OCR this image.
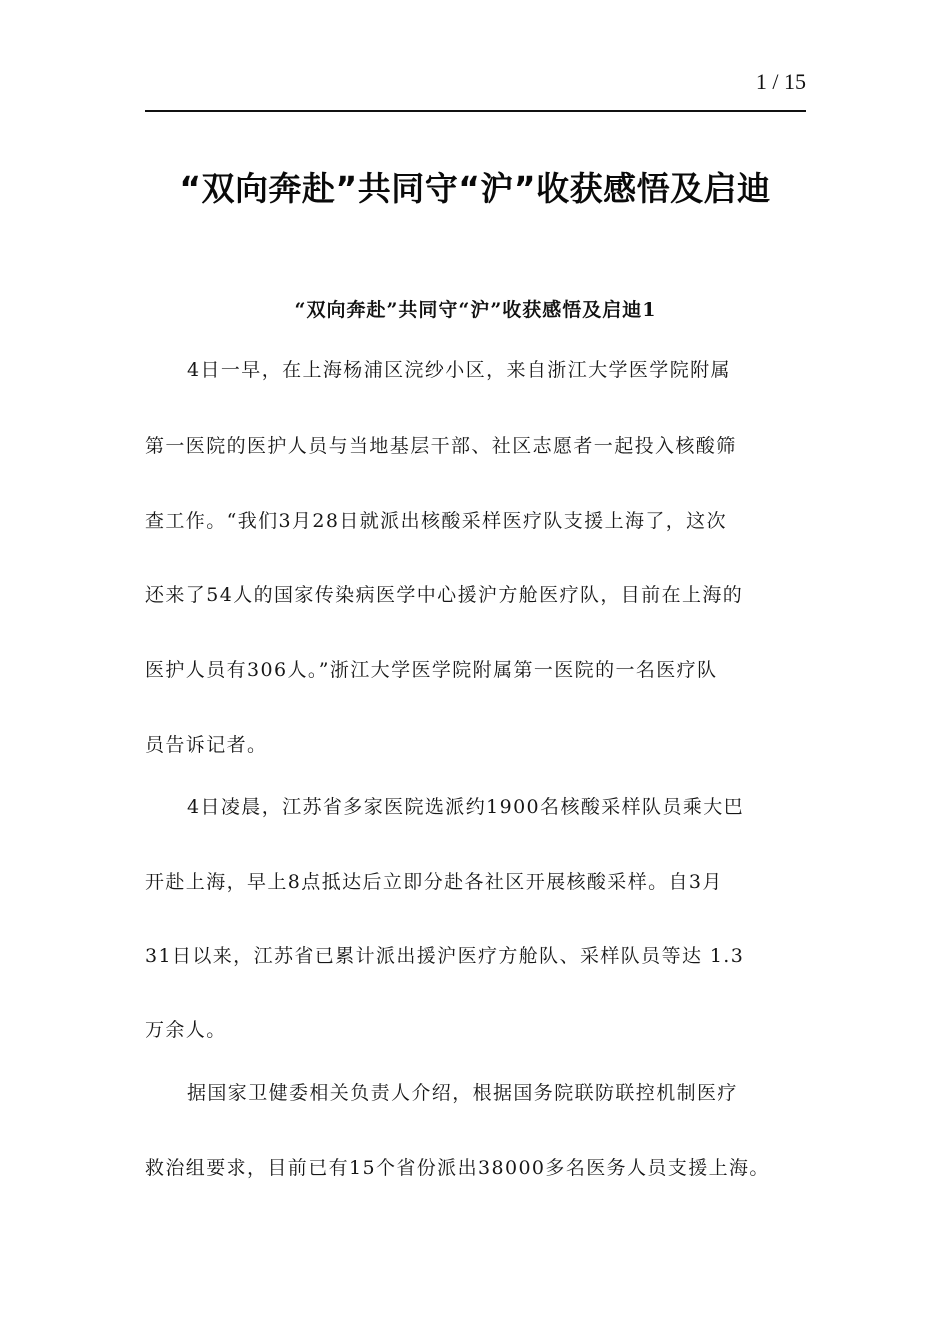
1 / 15
“双向奔赴”共同守“沪”收获感悟及启迪
“双向奔赴”共同守“沪”收获感悟及启迪1
4日一早，在上海杨浦区浣纱小区，来自浙江大学医学院附属
第一医院的医护人员与当地基层干部、社区志愿者一起投入核酸筛
查工作。“我们3月28日就派出核酸采样医疗队支援上海了，这次
还来了54人的国家传染病医学中心援沪方舱医疗队，目前在上海的
医护人员有306人。”浙江大学医学院附属第一医院的一名医疗队
员告诉记者。
4日凌晨，江苏省多家医院选派约1900名核酸采样队员乘大巴
开赴上海，早上8点抵达后立即分赴各社区开展核酸采样。自3月
31日以来，江苏省已累计派出援沪医疗方舱队、采样队员等达 1.3
万余人。
据国家卫健委相关负责人介绍，根据国务院联防联控机制医疗
救治组要求，目前已有15个省份派出38000多名医务人员支援上海。
